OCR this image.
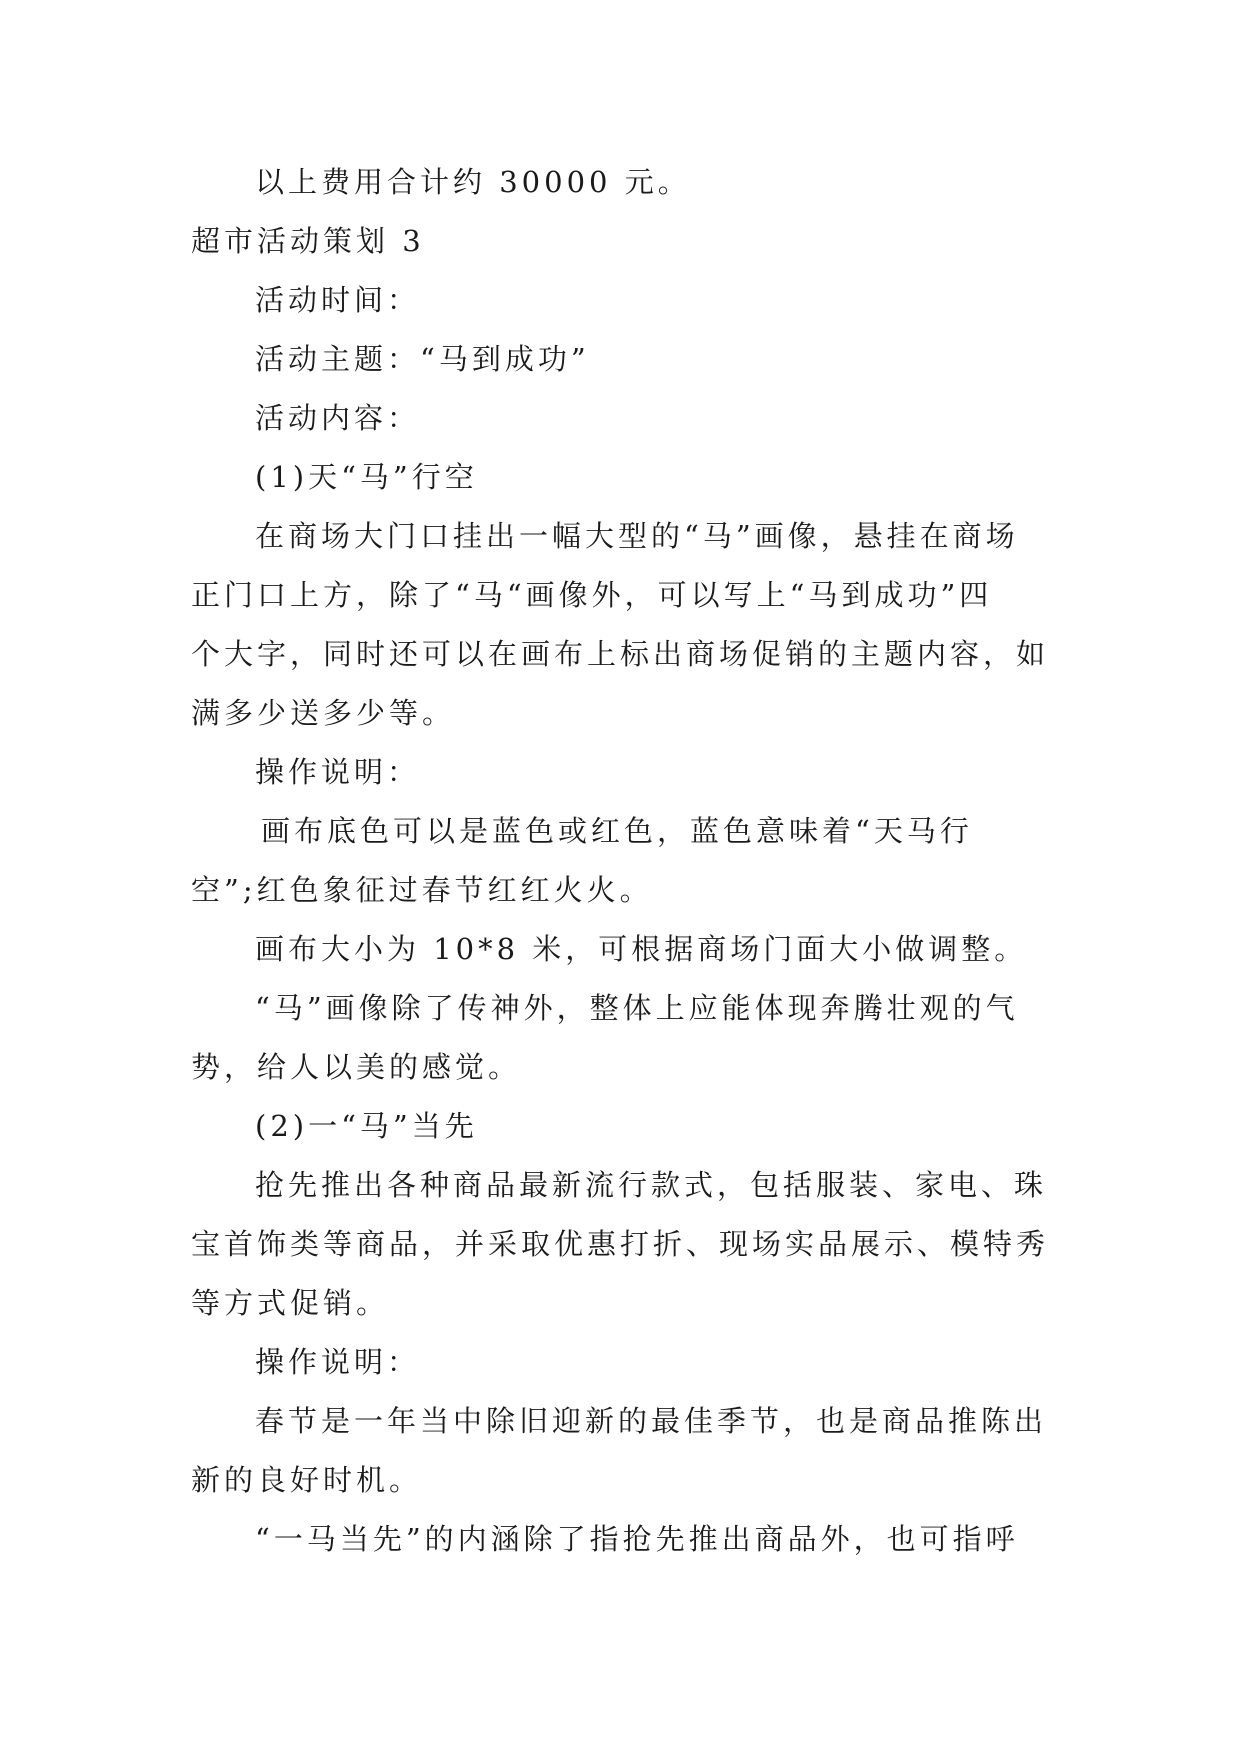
以上费用合计约 30000 元。
超市活动策划 3
活动时间：
活动主题：“马到成功”
活动内容：
(1)天“马”行空
在商场大门口挂出一幅大型的“马”画像，悬挂在商场
正门口上方，除了“马“画像外，可以写上“马到成功”四
个大字，同时还可以在画布上标出商场促销的主题内容，如
满多少送多少等。
操作说明：
画布底色可以是蓝色或红色，蓝色意味着“天马行
空”;红色象征过春节红红火火。
画布大小为 10*8 米，可根据商场门面大小做调整。
“马”画像除了传神外，整体上应能体现奔腾壮观的气
势，给人以美的感觉。
(2)一“马”当先
抢先推出各种商品最新流行款式，包括服装、家电、珠
宝首饰类等商品，并采取优惠打折、现场实品展示、模特秀
等方式促销。
操作说明：
春节是一年当中除旧迎新的最佳季节，也是商品推陈出
新的良好时机。
“一马当先”的内涵除了指抢先推出商品外，也可指呼
